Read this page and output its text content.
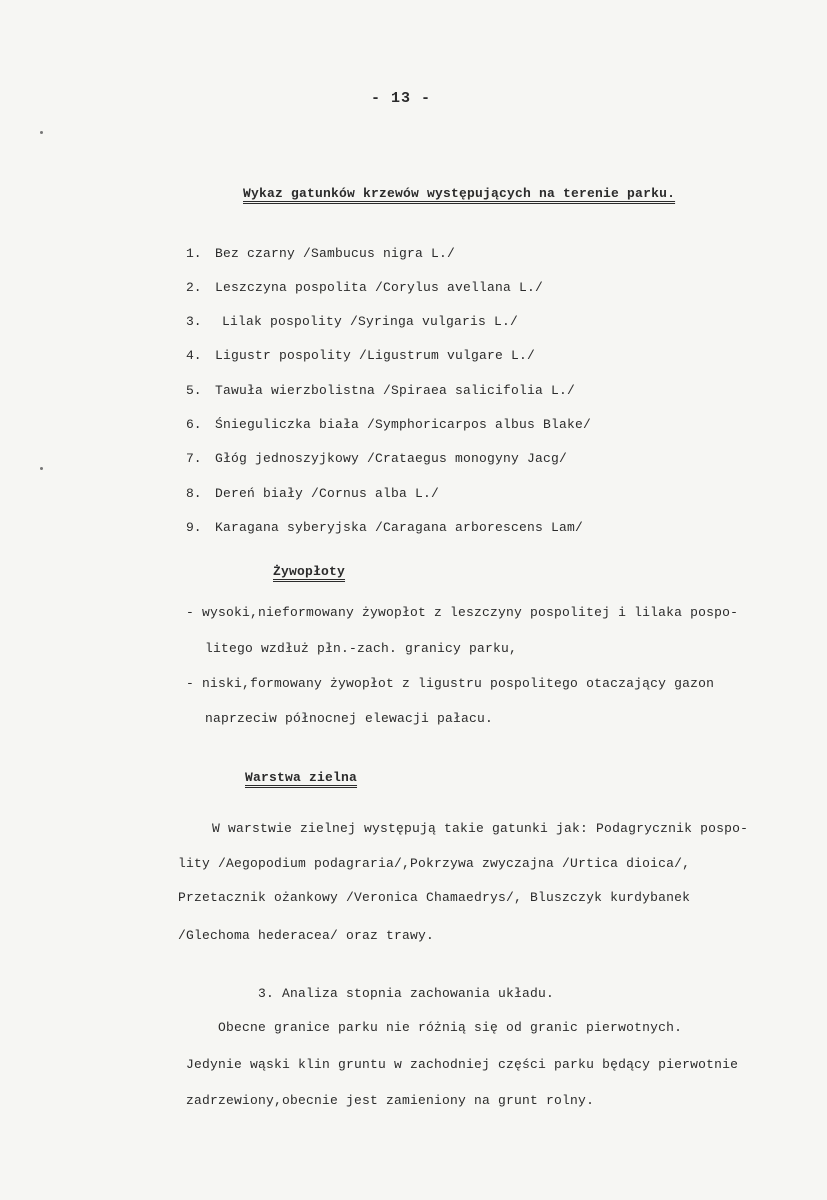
- 13 -
Wykaz gatunków krzewów występujących na terenie parku.
1. Bez czarny /Sambucus nigra L./
2. Leszczyna pospolita /Corylus avellana L./
3. Lilak pospolity /Syringa vulgaris L./
4. Ligustr pospolity /Ligustrum vulgare L./
5. Tawuła wierzbolistna /Spiraea salicifolia L./
6. Śnieguliczka biała /Symphoricarpos albus Blake/
7. Głóg jednoszyjkowy /Crataegus monogyny Jacg/
8. Dereń biały /Cornus alba L./
9. Karagana syberyjska /Caragana arborescens Lam/
Żywopłoty
- wysoki,nieformowany żywopłot z leszczyny pospolitej i lilaka pospo-
litego wzdłuż płn.-zach. granicy parku,
- niski,formowany żywopłot z ligustru pospolitego otaczający gazon
naprzeciw północnej elewacji pałacu.
Warstwa zielna
W warstwie zielnej występują takie gatunki jak: Podagrycznik pospo-
lity /Aegopodium podagraria/,Pokrzywa zwyczajna /Urtica dioica/,
Przetacznik ożankowy /Veronica Chamaedrys/, Bluszczyk kurdybanek
/Glechoma hederacea/ oraz trawy.
3. Analiza stopnia zachowania układu.
Obecne granice parku nie różnią się od granic pierwotnych.
Jedynie wąski klin gruntu w zachodniej części parku będący pierwotnie
zadrzewiony,obecnie jest zamieniony na grunt rolny.
